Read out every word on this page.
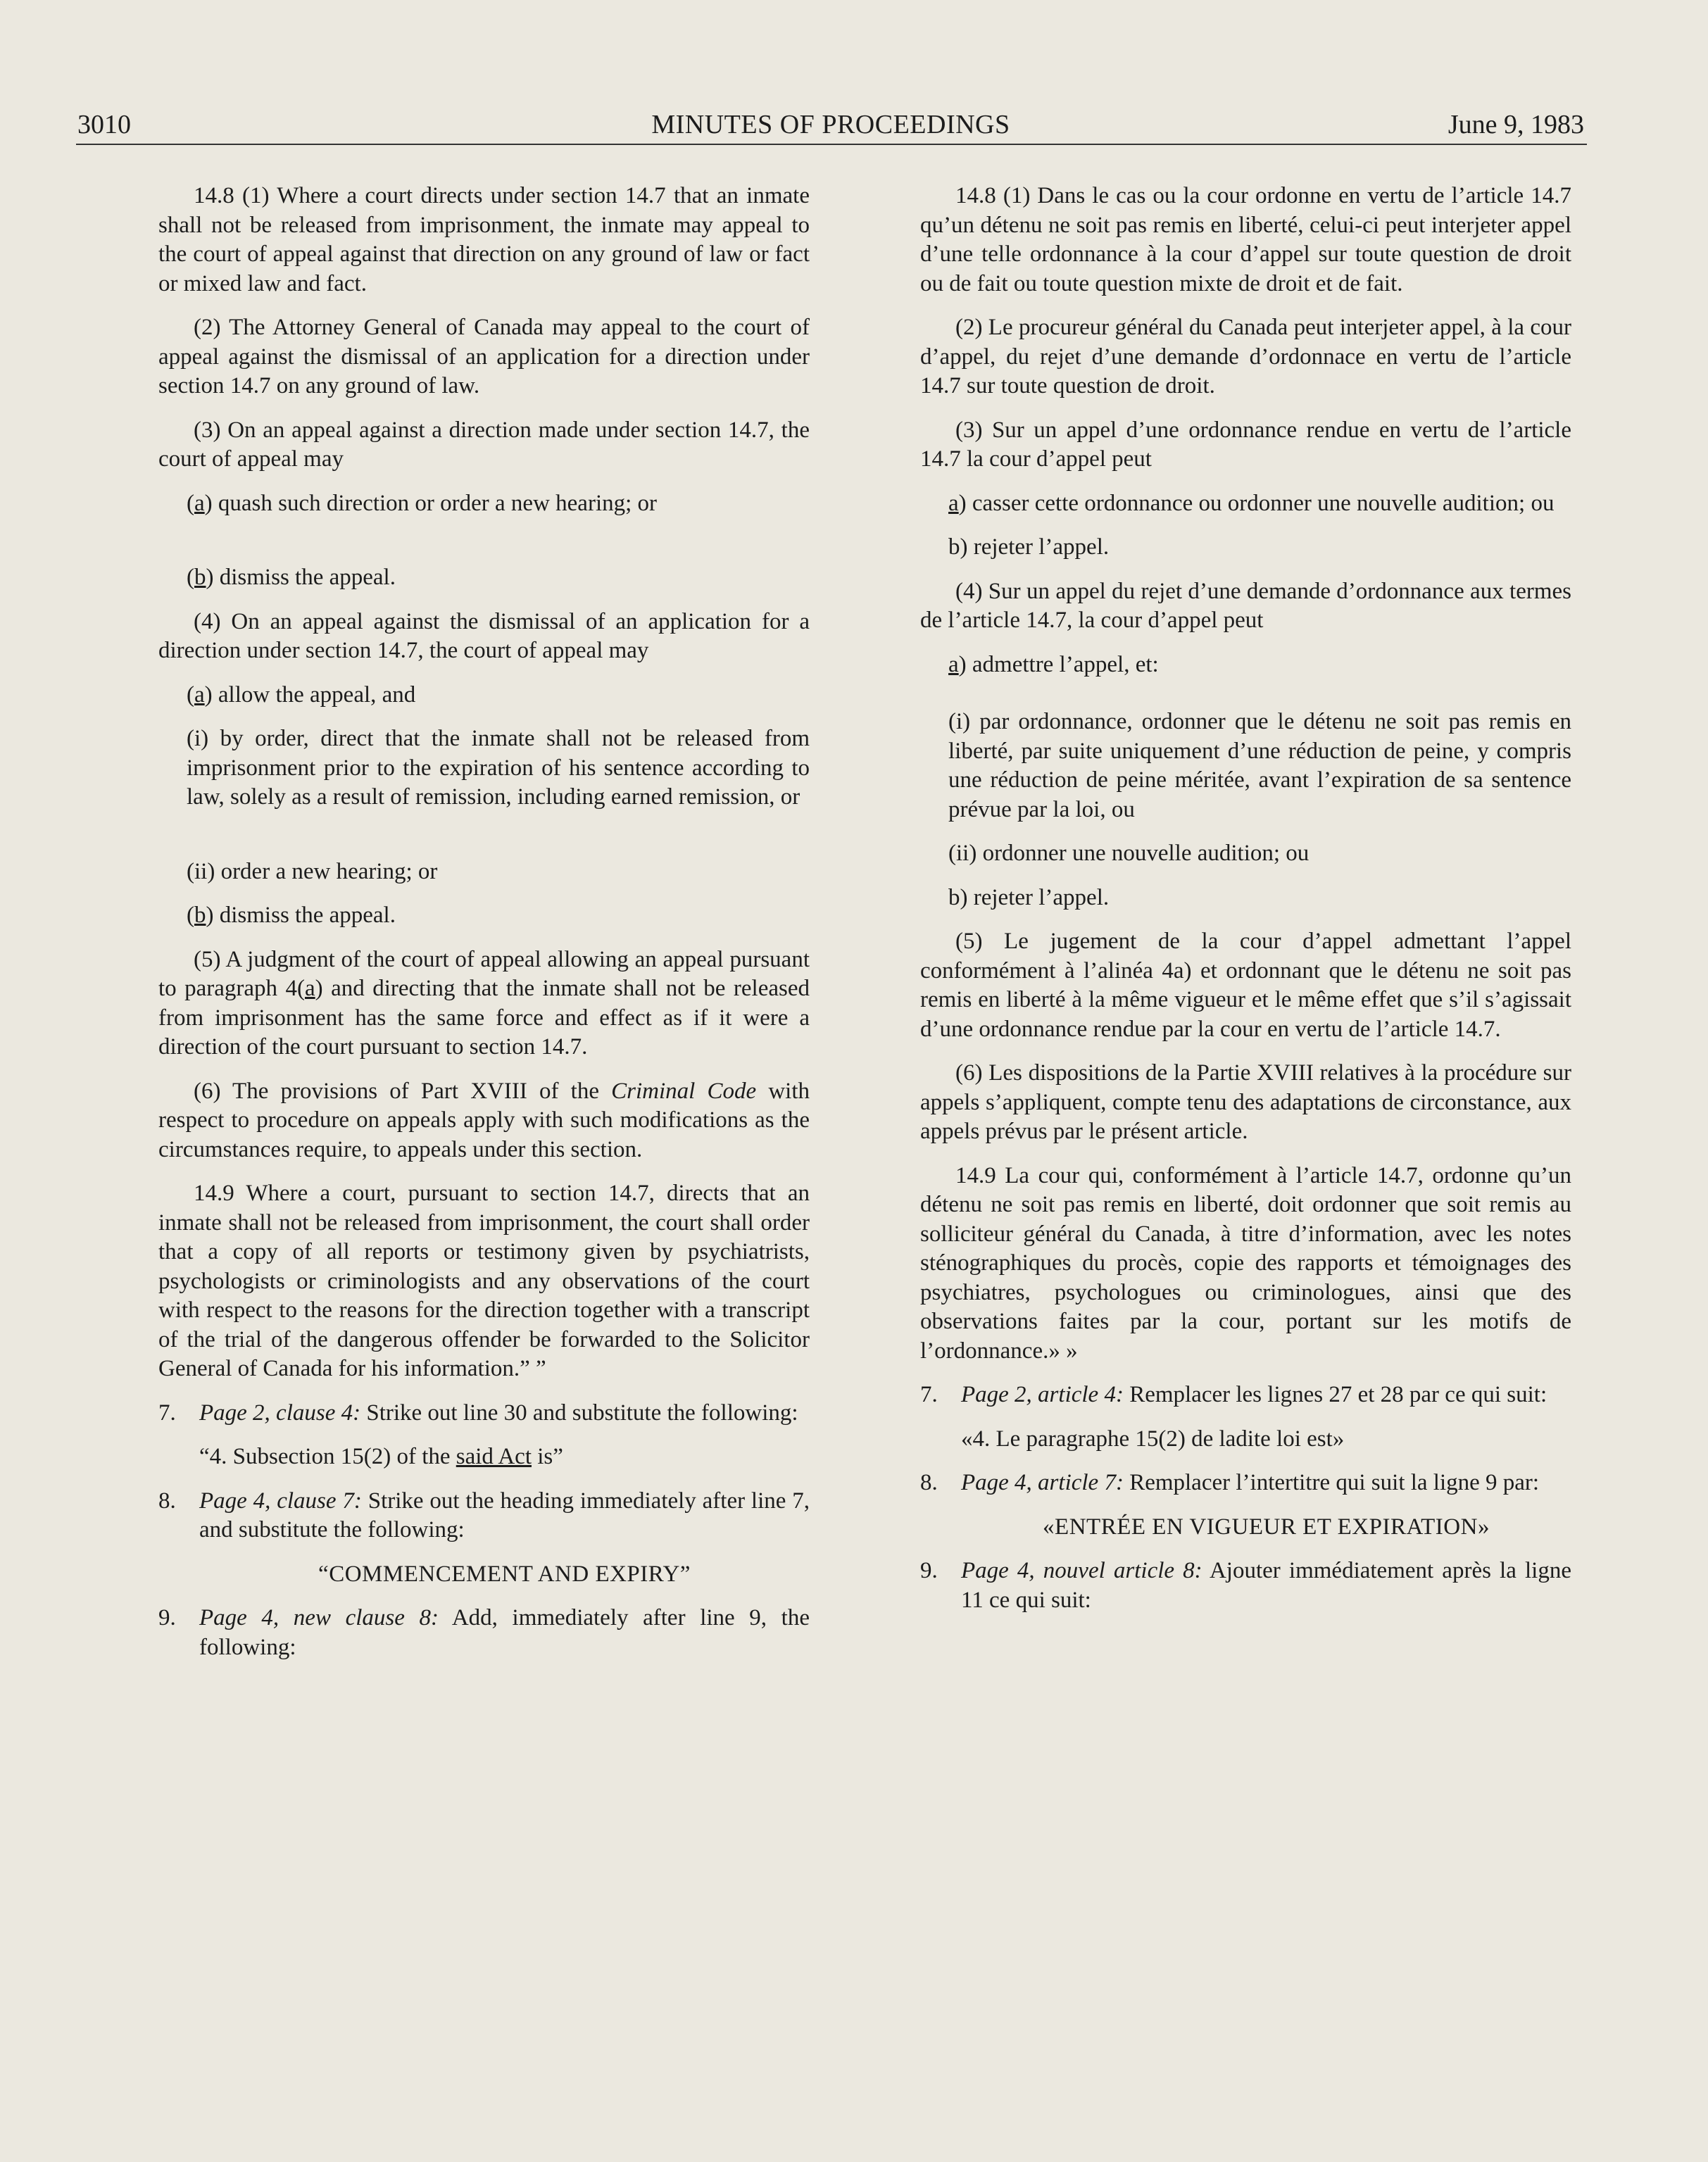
MINUTES OF PROCEEDINGS
3010	June 9, 1983

14.8 (1) Where a court directs under section 14.7 that an inmate shall not be released from imprisonment, the inmate may appeal to the court of appeal against that direction on any ground of law or fact or mixed law and fact.

(2) The Attorney General of Canada may appeal to the court of appeal against the dismissal of an application for a direction under section 14.7 on any ground of law.

(3) On an appeal against a direction made under section 14.7, the court of appeal may

(a) quash such direction or order a new hearing; or

(b) dismiss the appeal.

(4) On an appeal against the dismissal of an application for a direction under section 14.7, the court of appeal may

(a) allow the appeal, and

(i) by order, direct that the inmate shall not be released from imprisonment prior to the expiration of his sentence according to law, solely as a result of remission, including earned remission, or

(ii) order a new hearing; or

(b) dismiss the appeal.

(5) A judgment of the court of appeal allowing an appeal pursuant to paragraph 4(a) and directing that the inmate shall not be released from imprisonment has the same force and effect as if it were a direction of the court pursuant to section 14.7.

(6) The provisions of Part XVIII of the Criminal Code with respect to procedure on appeals apply with such modifications as the circumstances require, to appeals under this section.

14.9 Where a court, pursuant to section 14.7, directs that an inmate shall not be released from imprisonment, the court shall order that a copy of all reports or testimony given by psychiatrists, psychologists or criminologists and any observations of the court with respect to the reasons for the direction together with a transcript of the trial of the dangerous offender be forwarded to the Solicitor General of Canada for his information.” ”

7. Page 2, clause 4: Strike out line 30 and substitute the following:

“4. Subsection 15(2) of the said Act is”

8. Page 4, clause 7: Strike out the heading immediately after line 7, and substitute the following:

“COMMENCEMENT AND EXPIRY”

9. Page 4, new clause 8: Add, immediately after line 9, the following:

14.8 (1) Dans le cas ou la cour ordonne en vertu de l’article 14.7 qu’un détenu ne soit pas remis en liberté, celui-ci peut interjeter appel d’une telle ordonnance à la cour d’appel sur toute question de droit ou de fait ou toute question mixte de droit et de fait.

(2) Le procureur général du Canada peut interjeter appel, à la cour d’appel, du rejet d’une demande d’ordonnace en vertu de l’article 14.7 sur toute question de droit.

(3) Sur un appel d’une ordonnance rendue en vertu de l’article 14.7 la cour d’appel peut

a) casser cette ordonnance ou ordonner une nouvelle audition; ou

b) rejeter l’appel.

(4) Sur un appel du rejet d’une demande d’ordonnance aux termes de l’article 14.7, la cour d’appel peut

a) admettre l’appel, et:

(i) par ordonnance, ordonner que le détenu ne soit pas remis en liberté, par suite uniquement d’une réduction de peine, y compris une réduction de peine méritée, avant l’expiration de sa sentence prévue par la loi, ou

(ii) ordonner une nouvelle audition; ou

b) rejeter l’appel.

(5) Le jugement de la cour d’appel admettant l’appel conformément à l’alinéa 4a) et ordonnant que le détenu ne soit pas remis en liberté à la même vigueur et le même effet que s’il s’agissait d’une ordonnance rendue par la cour en vertu de l’article 14.7.

(6) Les dispositions de la Partie XVIII relatives à la procédure sur appels s’appliquent, compte tenu des adaptations de circonstance, aux appels prévus par le présent article.

14.9 La cour qui, conformément à l’article 14.7, ordonne qu’un détenu ne soit pas remis en liberté, doit ordonner que soit remis au solliciteur général du Canada, à titre d’information, avec les notes sténographiques du procès, copie des rapports et témoignages des psychiatres, psychologues ou criminologues, ainsi que des observations faites par la cour, portant sur les motifs de l’ordonnance.» »

7. Page 2, article 4: Remplacer les lignes 27 et 28 par ce qui suit:

«4. Le paragraphe 15(2) de ladite loi est»

8. Page 4, article 7: Remplacer l’intertitre qui suit la ligne 9 par:

«ENTRÉE EN VIGUEUR ET EXPIRATION»

9. Page 4, nouvel article 8: Ajouter immédiatement après la ligne 11 ce qui suit:
